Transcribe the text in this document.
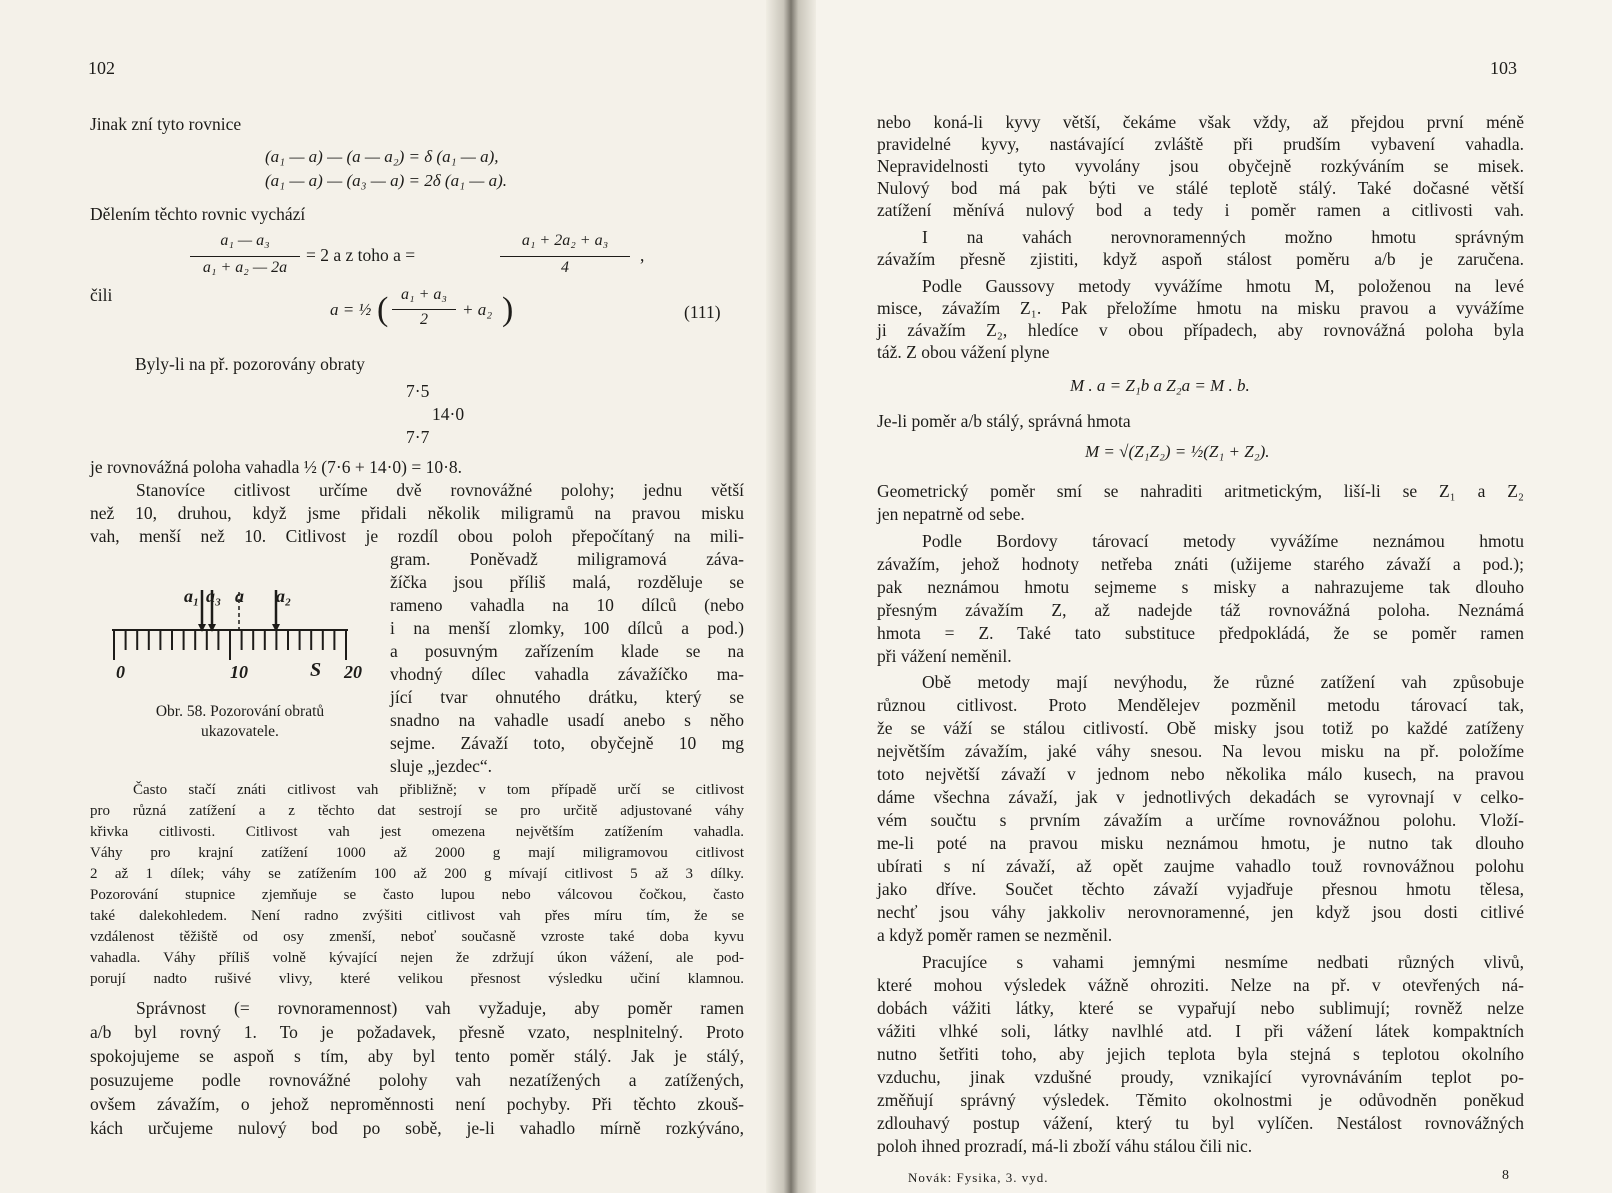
102
Jinak zní tyto rovnice
(a₁ — a) — (a — a₂) = δ (a₁ — a),
(a₁ — a) — (a₃ — a) = 2δ (a₁ — a).
Dělením těchto rovnic vychází
a₁ — a₃
a₁ + a₂ — 2a
= 2 a z toho a =
a₁ + 2a₂ + a₃
4
,
čili
a = ½ ( a₁ + a₃
2
+ a₂ )	(111)
Byly-li na př. pozorovány obraty
7·5
14·0
7·7
je rovnovážná poloha vahadla ½ (7·6 + 14·0) = 10·8.
Stanovíce citlivost určíme dvě rovnovážné polohy; jednu větší
než 10, druhou, když jsme přidali několik miligramů na pravou misku
vah, menší než 10. Citlivost je rozdíl obou poloh přepočítaný na mili-
gram. Poněvadž miligramová záva-
žíčka jsou příliš malá, rozděluje se
rameno vahadla na 10 dílců (nebo
i na menší zlomky, 100 dílců a pod.)
a posuvným zařízením klade se na
vhodný dílec vahadla závažíčko ma-
jící tvar ohnutého drátku, který se
snadno na vahadle usadí anebo s něho
sejme. Závaží toto, obyčejně 10 mg
sluje „jezdec“.
a₁ a₃ a a₂
0	10	S 20
Obr. 58. Pozorování obratů
ukazovatele.
Často stačí znáti citlivost vah přibližně; v tom případě určí se citlivost
pro různá zatížení a z těchto dat sestrojí se pro určitě adjustované váhy
křivka citlivosti. Citlivost vah jest omezena největším zatížením vahadla.
Váhy pro krajní zatížení 1000 až 2000 g mají miligramovou citlivost
2 až 1 dílek; váhy se zatížením 100 až 200 g mívají citlivost 5 až 3 dílky.
Pozorování stupnice zjemňuje se často lupou nebo válcovou čočkou, často
také dalekohledem. Není radno zvýšiti citlivost vah přes míru tím, že se
vzdálenost těžiště od osy zmenší, neboť současně vzroste také doba kyvu
vahadla. Váhy příliš volně kývající nejen že zdržují úkon vážení, ale pod-
porují nadto rušivé vlivy, které velikou přesnost výsledku učiní klamnou.
Správnost (= rovnoramennost) vah vyžaduje, aby poměr ramen
a/b byl rovný 1. To je požadavek, přesně vzato, nesplnitelný. Proto
spokojujeme se aspoň s tím, aby byl tento poměr stálý. Jak je stálý,
posuzujeme podle rovnovážné polohy vah nezatížených a zatížených,
ovšem závažím, o jehož neproměnnosti není pochyby. Při těchto zkouš-
kách určujeme nulový bod po sobě, je-li vahadlo mírně rozkýváno,
103
nebo koná-li kyvy větší, čekáme však vždy, až přejdou první méně
pravidelné kyvy, nastávající zvláště při prudším vybavení vahadla.
Nepravidelnosti tyto vyvolány jsou obyčejně rozkýváním se misek.
Nulový bod má pak býti ve stálé teplotě stálý. Také dočasné větší
zatížení měnívá nulový bod a tedy i poměr ramen a citlivosti vah.
I na vahách nerovnoramenných možno hmotu správným
závažím přesně zjistiti, když aspoň stálost poměru a/b je zaručena.
Podle Gaussovy metody vyvážíme hmotu M, položenou na levé
misce, závažím Z₁. Pak přeložíme hmotu na misku pravou a vyvážíme
ji závažím Z₂, hledíce v obou případech, aby rovnovážná poloha byla
táž. Z obou vážení plyne
M . a = Z₁b a Z₂a = M . b.
Je-li poměr a/b stálý, správná hmota
M = √(Z₁Z₂) = ½(Z₁ + Z₂).
Geometrický poměr smí se nahraditi aritmetickým, liší-li se Z₁ a Z₂
jen nepatrně od sebe.
Podle Bordovy tárovací metody vyvážíme neznámou hmotu
závažím, jehož hodnoty netřeba znáti (užijeme starého závaží a pod.);
pak neznámou hmotu sejmeme s misky a nahrazujeme tak dlouho
přesným závažím Z, až nadejde táž rovnovážná poloha. Neznámá
hmota = Z. Také tato substituce předpokládá, že se poměr ramen
při vážení neměnil.
Obě metody mají nevýhodu, že různé zatížení vah způsobuje
různou citlivost. Proto Mendělejev pozměnil metodu tárovací tak,
že se váží se stálou citlivostí. Obě misky jsou totiž po každé zatíženy
největším závažím, jaké váhy snesou. Na levou misku na př. položíme
toto největší závaží v jednom nebo několika málo kusech, na pravou
dáme všechna závaží, jak v jednotlivých dekadách se vyrovnají v celko-
vém součtu s prvním závažím a určíme rovnovážnou polohu. Vloží-
me-li poté na pravou misku neznámou hmotu, je nutno tak dlouho
ubírati s ní závaží, až opět zaujme vahadlo touž rovnovážnou polohu
jako dříve. Součet těchto závaží vyjadřuje přesnou hmotu tělesa,
nechť jsou váhy jakkoliv nerovnoramenné, jen když jsou dosti citlivé
a když poměr ramen se nezměnil.
Pracujíce s vahami jemnými nesmíme nedbati různých vlivů,
které mohou výsledek vážně ohroziti. Nelze na př. v otevřených ná-
dobách vážiti látky, které se vypařují nebo sublimují; rovněž nelze
vážiti vlhké soli, látky navlhlé atd. I při vážení látek kompaktních
nutno šetřiti toho, aby jejich teplota byla stejná s teplotou okolního
vzduchu, jinak vzdušné proudy, vznikající vyrovnáváním teplot po-
změňují správný výsledek. Těmito okolnostmi je odůvodněn poněkud
zdlouhavý postup vážení, který tu byl vylíčen. Nestálost rovnovážných
poloh ihned prozradí, má-li zboží váhu stálou čili nic.
Novák: Fysika, 3. vyd.	8
